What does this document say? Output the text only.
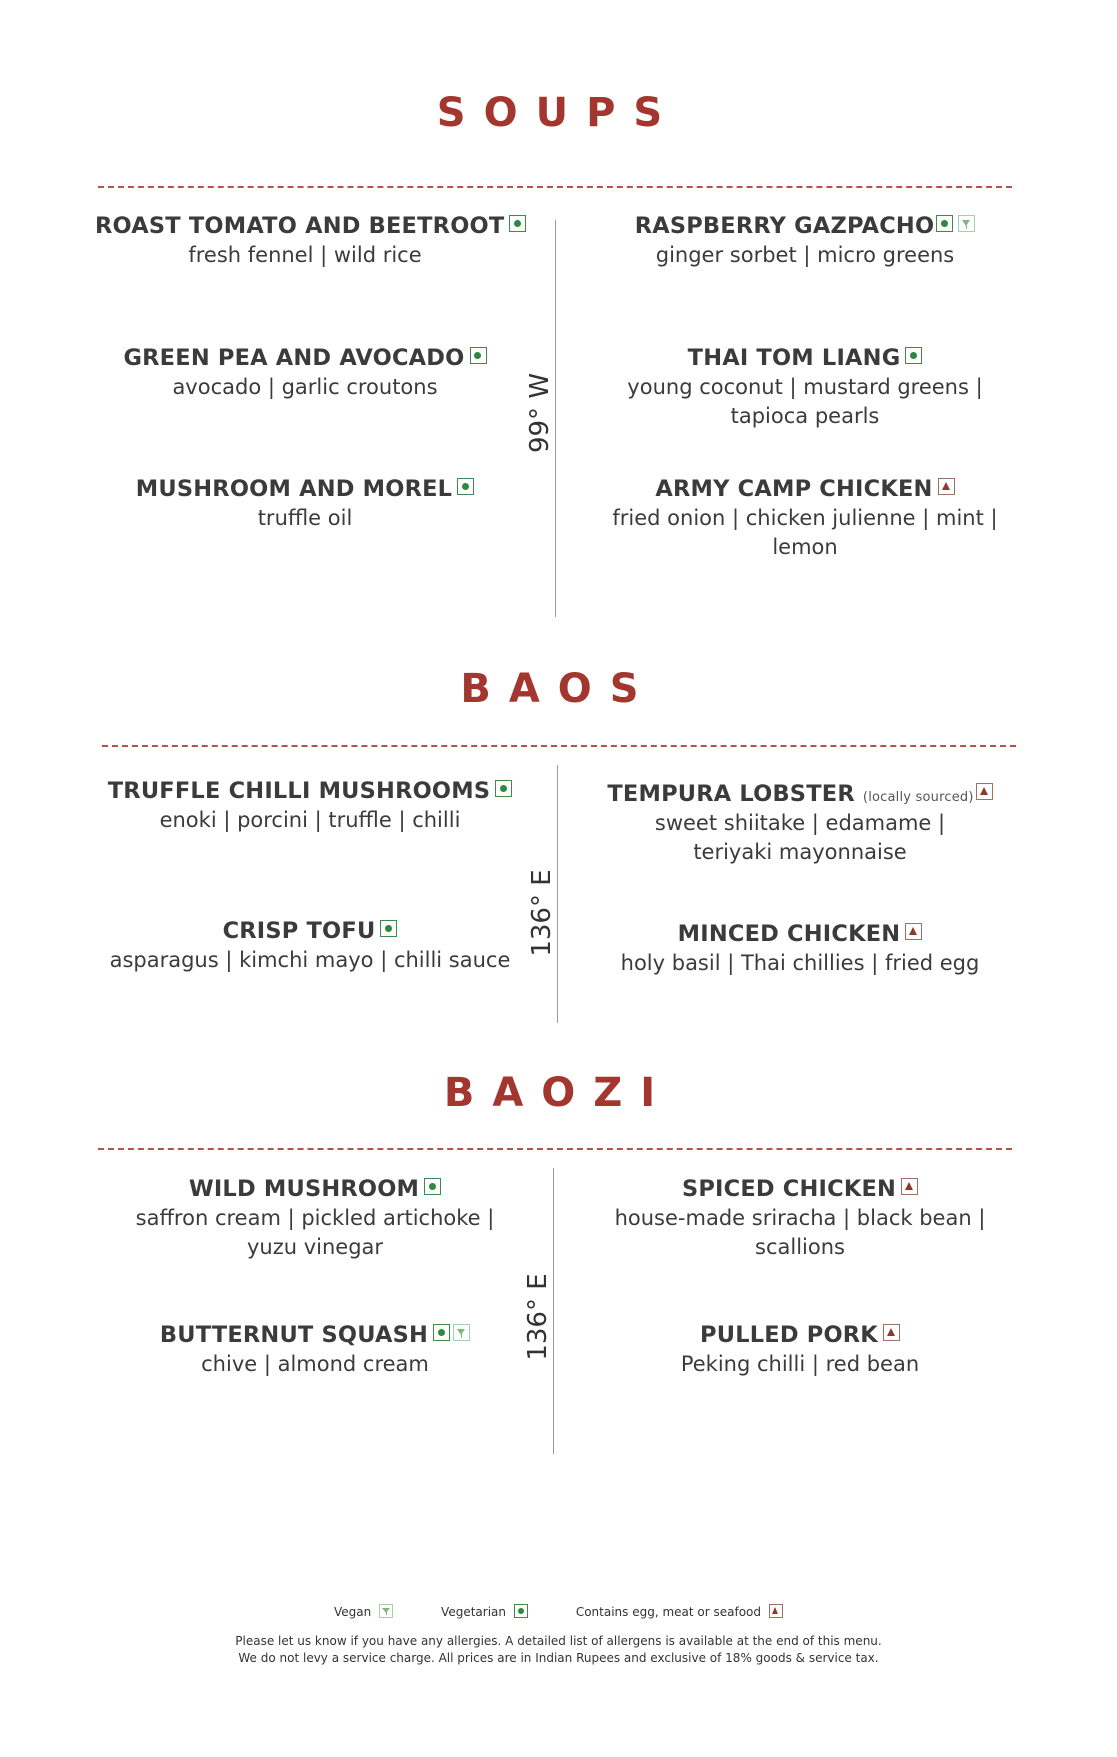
SOUPS
99° W
ROAST TOMATO AND BEETROOT
fresh fennel | wild rice
GREEN PEA AND AVOCADO
avocado | garlic croutons
MUSHROOM AND MOREL
truffle oil
RASPBERRY GAZPACHO
ginger sorbet | micro greens
THAI TOM LIANG
young coconut | mustard greens |
tapioca pearls
ARMY CAMP CHICKEN
fried onion | chicken julienne | mint | lemon
BAOS
136° E
TRUFFLE CHILLI MUSHROOMS
enoki | porcini | truffle | chilli
CRISP TOFU
asparagus | kimchi mayo | chilli sauce
TEMPURA LOBSTER (locally sourced)
sweet shiitake | edamame |
teriyaki mayonnaise
MINCED CHICKEN
holy basil | Thai chillies | fried egg
BAOZI
136° E
WILD MUSHROOM
saffron cream | pickled artichoke |
yuzu vinegar
BUTTERNUT SQUASH
chive | almond cream
SPICED CHICKEN
house-made sriracha | black bean | scallions
PULLED PORK
Peking chilli | red bean
Vegan	Vegetarian	Contains egg, meat or seafood
Please let us know if you have any allergies. A detailed list of allergens is available at the end of this menu.
We do not levy a service charge. All prices are in Indian Rupees and exclusive of 18% goods & service tax.
